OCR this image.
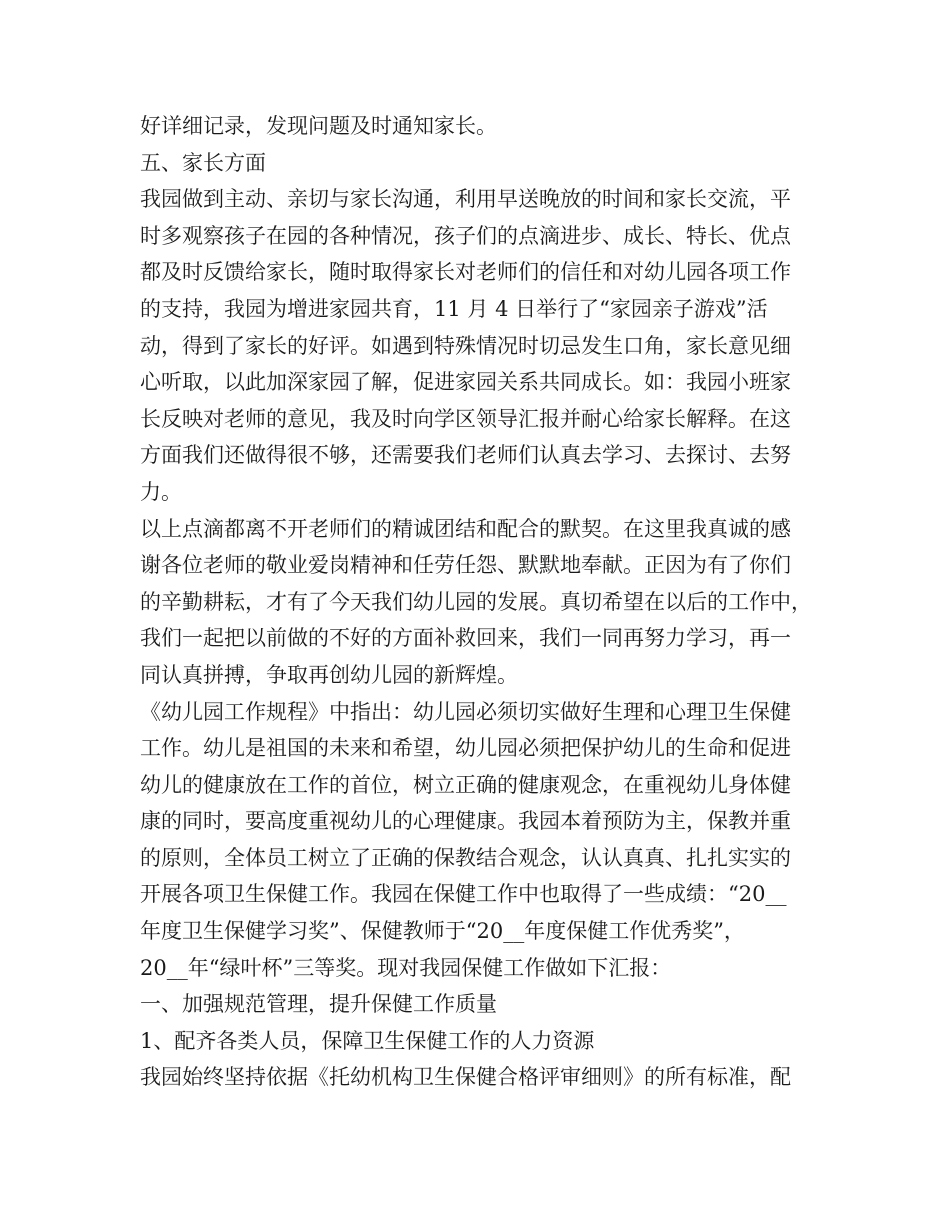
好详细记录，发现问题及时通知家长。
五、家长方面
我园做到主动、亲切与家长沟通，利用早送晚放的时间和家长交流，平
时多观察孩子在园的各种情况，孩子们的点滴进步、成长、特长、优点
都及时反馈给家长，随时取得家长对老师们的信任和对幼儿园各项工作
的支持，我园为增进家园共育，11 月 4 日举行了“家园亲子游戏”活
动，得到了家长的好评。如遇到特殊情况时切忌发生口角，家长意见细
心听取，以此加深家园了解，促进家园关系共同成长。如：我园小班家
长反映对老师的意见，我及时向学区领导汇报并耐心给家长解释。在这
方面我们还做得很不够，还需要我们老师们认真去学习、去探讨、去努
力。
以上点滴都离不开老师们的精诚团结和配合的默契。在这里我真诚的感
谢各位老师的敬业爱岗精神和任劳任怨、默默地奉献。正因为有了你们
的辛勤耕耘，才有了今天我们幼儿园的发展。真切希望在以后的工作中，
我们一起把以前做的不好的方面补救回来，我们一同再努力学习，再一
同认真拼搏，争取再创幼儿园的新辉煌。
《幼儿园工作规程》中指出：幼儿园必须切实做好生理和心理卫生保健
工作。幼儿是祖国的未来和希望，幼儿园必须把保护幼儿的生命和促进
幼儿的健康放在工作的首位，树立正确的健康观念，在重视幼儿身体健
康的同时，要高度重视幼儿的心理健康。我园本着预防为主，保教并重
的原则，全体员工树立了正确的保教结合观念，认认真真、扎扎实实的
开展各项卫生保健工作。我园在保健工作中也取得了一些成绩：“20__
年度卫生保健学习奖”、保健教师于“20__年度保健工作优秀奖”，
20__年“绿叶杯”三等奖。现对我园保健工作做如下汇报：
一、加强规范管理，提升保健工作质量
1、配齐各类人员，保障卫生保健工作的人力资源
我园始终坚持依据《托幼机构卫生保健合格评审细则》的所有标准，配
